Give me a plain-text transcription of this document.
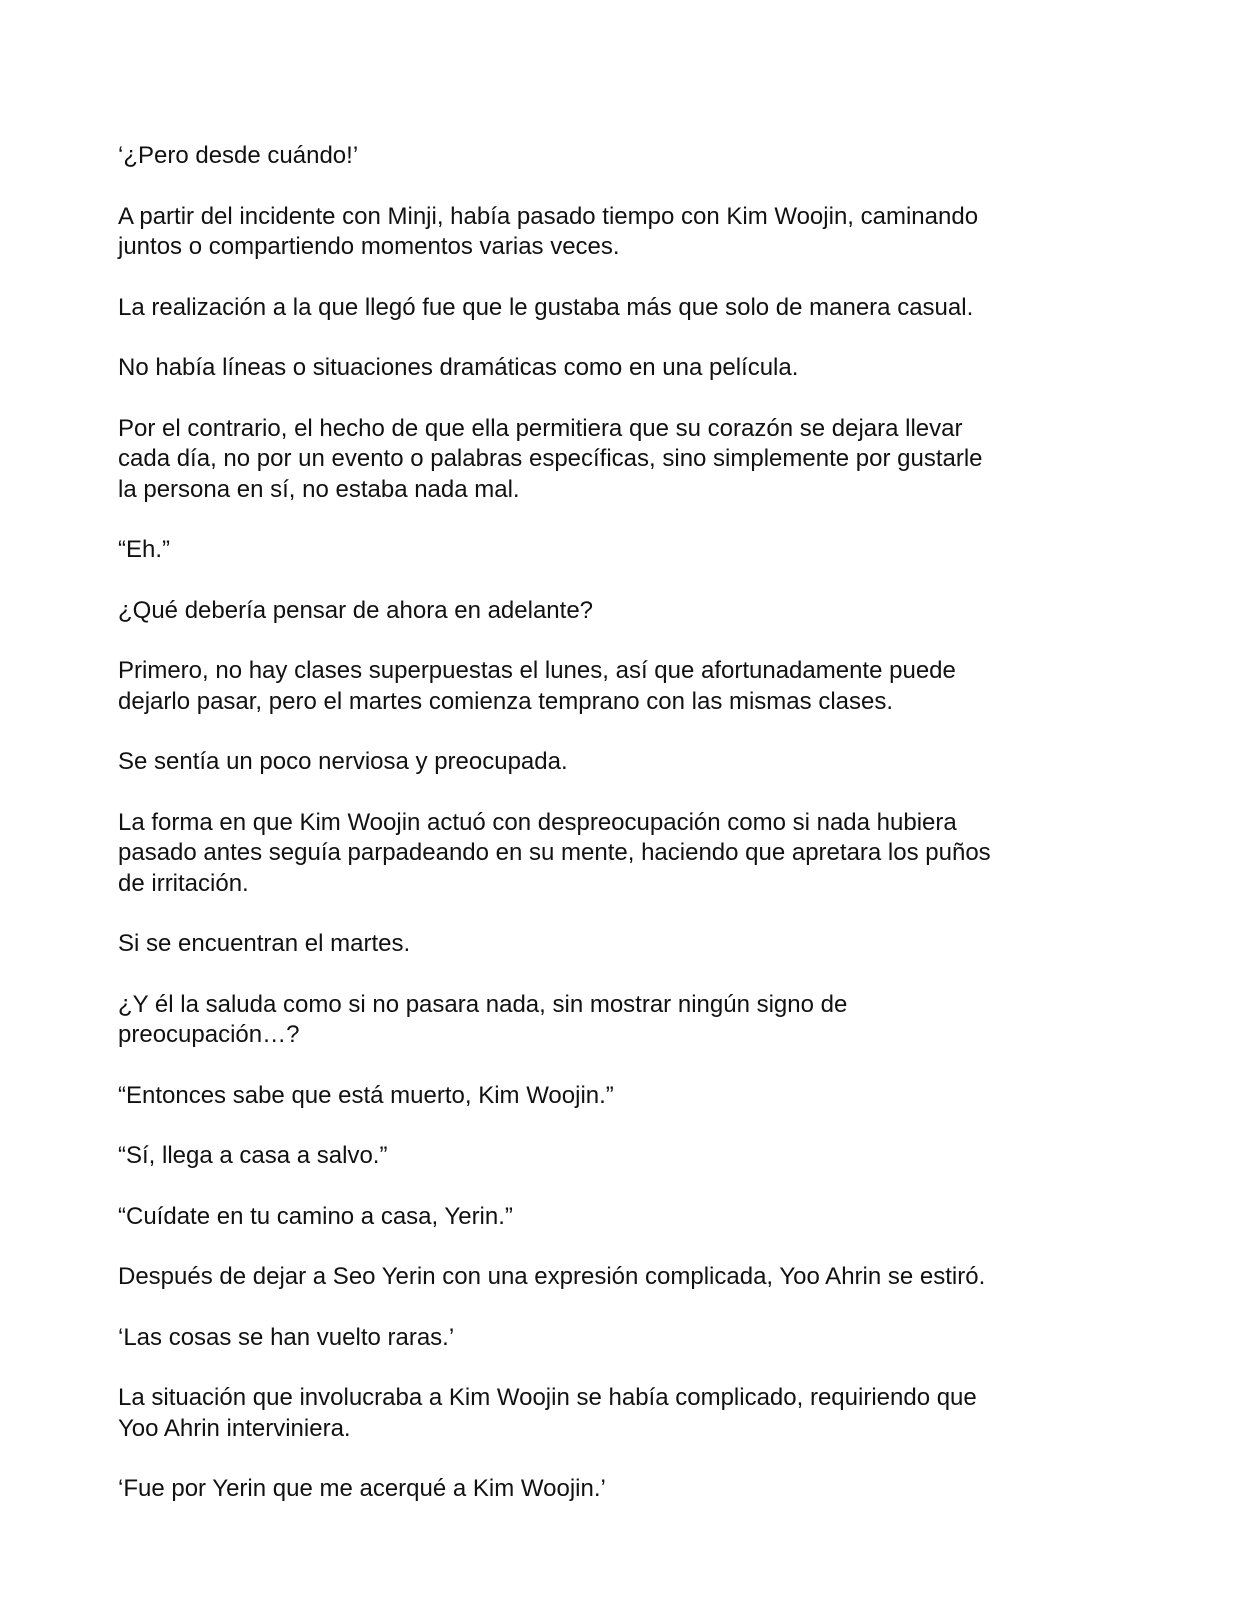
‘¿Pero desde cuándo!’

A partir del incidente con Minji, había pasado tiempo con Kim Woojin, caminando
juntos o compartiendo momentos varias veces.

La realización a la que llegó fue que le gustaba más que solo de manera casual.

No había líneas o situaciones dramáticas como en una película.

Por el contrario, el hecho de que ella permitiera que su corazón se dejara llevar
cada día, no por un evento o palabras específicas, sino simplemente por gustarle
la persona en sí, no estaba nada mal.

“Eh.”

¿Qué debería pensar de ahora en adelante?

Primero, no hay clases superpuestas el lunes, así que afortunadamente puede
dejarlo pasar, pero el martes comienza temprano con las mismas clases.

Se sentía un poco nerviosa y preocupada.

La forma en que Kim Woojin actuó con despreocupación como si nada hubiera
pasado antes seguía parpadeando en su mente, haciendo que apretara los puños
de irritación.

Si se encuentran el martes.

¿Y él la saluda como si no pasara nada, sin mostrar ningún signo de
preocupación…?

“Entonces sabe que está muerto, Kim Woojin.”

“Sí, llega a casa a salvo.”

“Cuídate en tu camino a casa, Yerin.”

Después de dejar a Seo Yerin con una expresión complicada, Yoo Ahrin se estiró.

‘Las cosas se han vuelto raras.’

La situación que involucraba a Kim Woojin se había complicado, requiriendo que
Yoo Ahrin interviniera.

‘Fue por Yerin que me acerqué a Kim Woojin.’
